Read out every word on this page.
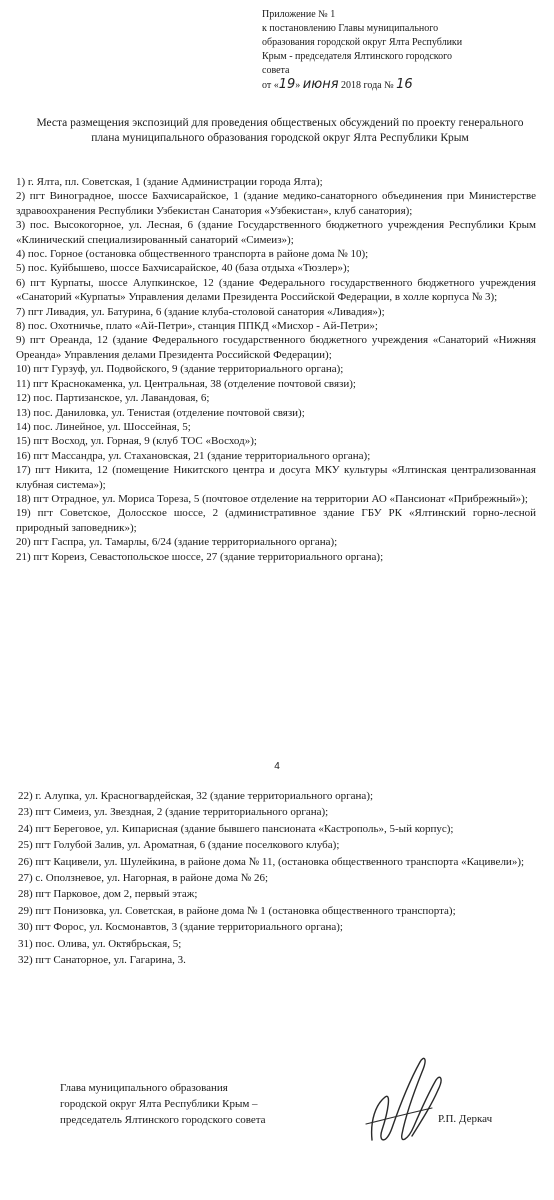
Приложение № 1
к постановлению Главы муниципального
образования городской округ Ялта Республики
Крым - председателя Ялтинского городского
совета
от «19» июня 2018 года № 16
Места размещения экспозиций для проведения общественых обсуждений по проекту генерального плана муниципального образования городской округ Ялта Республики Крым
1) г. Ялта, пл. Советская, 1 (здание Администрации города Ялта);
2) пгт Виноградное, шоссе Бахчисарайское, 1 (здание медико-санаторного объединения при Министерстве здравоохранения Республики Узбекистан Санатория «Узбекистан», клуб санатория);
3) пос. Высокогорное, ул. Лесная, 6 (здание Государственного бюджетного учреждения Республики Крым «Клинический специализированный санаторий «Симеиз»);
4) пос. Горное (остановка общественного транспорта в районе дома № 10);
5) пос. Куйбышево, шоссе Бахчисарайское, 40 (база отдыха «Тюзлер»);
6) пгт Курпаты, шоссе Алупкинское, 12 (здание Федерального государственного бюджетного учреждения «Санаторий «Курпаты» Управления делами Президента Российской Федерации, в холле корпуса № 3);
7) пгт Ливадия, ул. Батурина, 6 (здание клуба-столовой санатория «Ливадия»);
8) пос. Охотничье, плато «Ай-Петри», станция ППКД «Мисхор - Ай-Петри»;
9) пгт Ореанда, 12 (здание Федерального государственного бюджетного учреждения «Санаторий «Нижняя Ореанда» Управления делами Президента Российской Федерации);
10) пгт Гурзуф, ул. Подвойского, 9 (здание территориального органа);
11) пгт Краснокаменка, ул. Центральная, 38 (отделение почтовой связи);
12) пос. Партизанское, ул. Лавандовая, 6;
13) пос. Даниловка, ул. Тенистая (отделение почтовой связи);
14) пос. Линейное, ул. Шоссейная, 5;
15) пгт Восход, ул. Горная, 9 (клуб ТОС «Восход»);
16) пгт Массандра, ул. Стахановская, 21 (здание территориального органа);
17) пгт Никита, 12 (помещение Никитского центра и досуга МКУ культуры «Ялтинская централизованная клубная система»);
18) пгт Отрадное, ул. Мориса Тореза, 5 (почтовое отделение на территории АО «Пансионат «Прибрежный»);
19) пгт Советское, Долосское шоссе, 2 (административное здание ГБУ РК «Ялтинский горно-лесной природный заповедник»);
20) пгт Гаспра, ул. Тамарлы, 6/24 (здание территориального органа);
21) пгт Кореиз, Севастопольское шоссе, 27 (здание территориального органа);
4
22) г. Алупка, ул. Красногвардейская, 32 (здание территориального органа);
23) пгт Симеиз, ул. Звездная, 2 (здание территориального органа);
24) пгт Береговое, ул. Кипарисная (здание бывшего пансионата «Кастрополь», 5-ый корпус);
25) пгт Голубой Залив, ул. Ароматная, 6 (здание поселкового клуба);
26) пгт Кацивели, ул. Шулейкина, в районе дома № 11, (остановка общественного транспорта «Кацивели»);
27) с. Оползневое, ул. Нагорная, в районе дома № 26;
28) пгт Парковое, дом 2, первый этаж;
29) пгт Понизовка, ул. Советская, в районе дома № 1 (остановка общественного транспорта);
30) пгт Форос, ул. Космонавтов, 3 (здание территориального органа);
31) пос. Олива, ул. Октябрьская, 5;
32) пгт Санаторное, ул. Гагарина, 3.
Глава муниципального образования
городской округ Ялта Республики Крым –
председатель Ялтинского городского совета	Р.П. Деркач
